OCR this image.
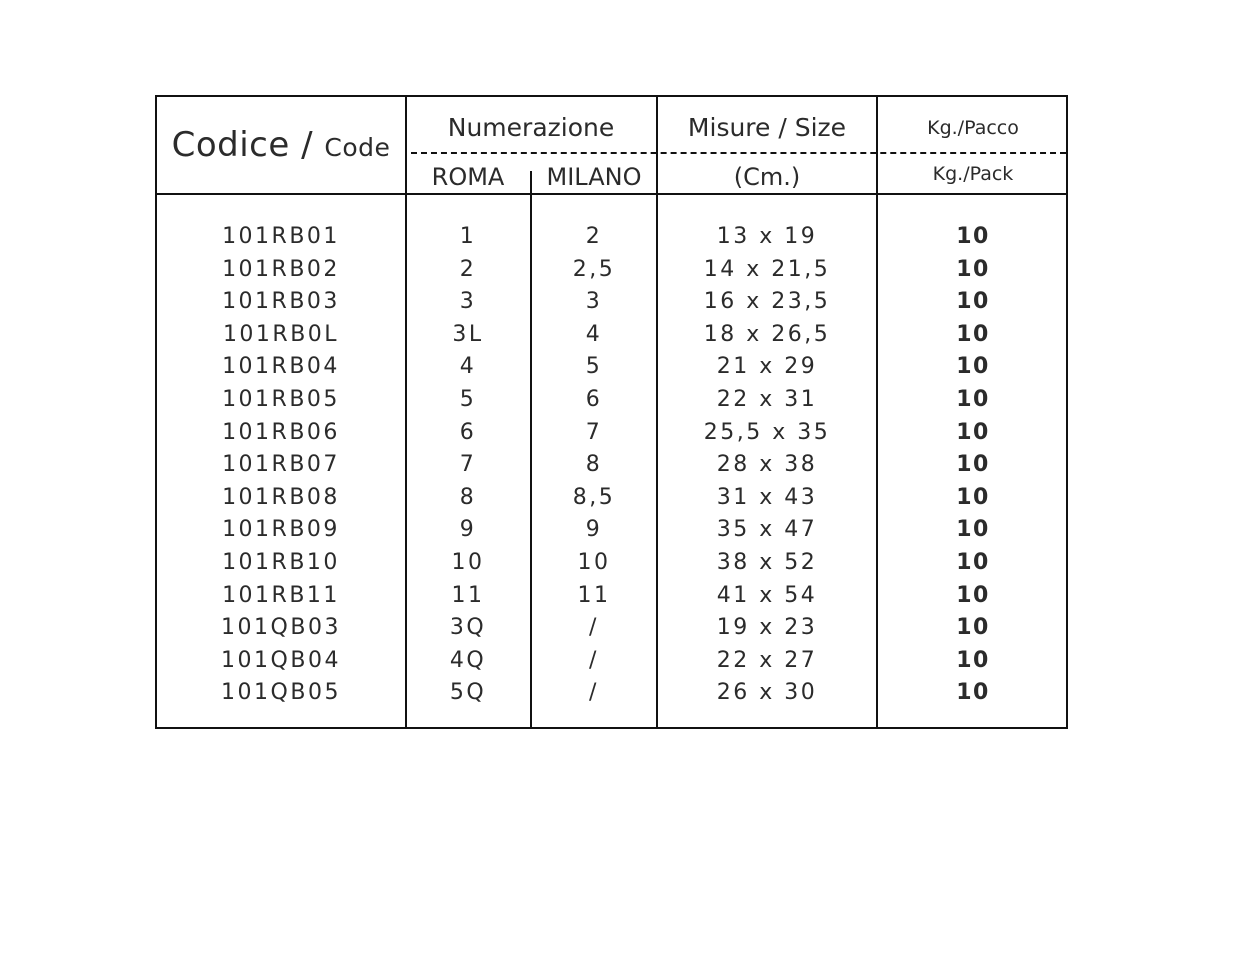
Codice / Code
Numerazione
ROMA	MILANO
Misure / Size
(Cm.)
Kg./Pacco
Kg./Pack
101RB01	1	2	13 x 19	10
101RB02	2	2,5	14 x 21,5	10
101RB03	3	3	16 x 23,5	10
101RB0L	3L	4	18 x 26,5	10
101RB04	4	5	21 x 29	10
101RB05	5	6	22 x 31	10
101RB06	6	7	25,5 x 35	10
101RB07	7	8	28 x 38	10
101RB08	8	8,5	31 x 43	10
101RB09	9	9	35 x 47	10
101RB10	10	10	38 x 52	10
101RB11	11	11	41 x 54	10
101QB03	3Q	/	19 x 23	10
101QB04	4Q	/	22 x 27	10
101QB05	5Q	/	26 x 30	10
